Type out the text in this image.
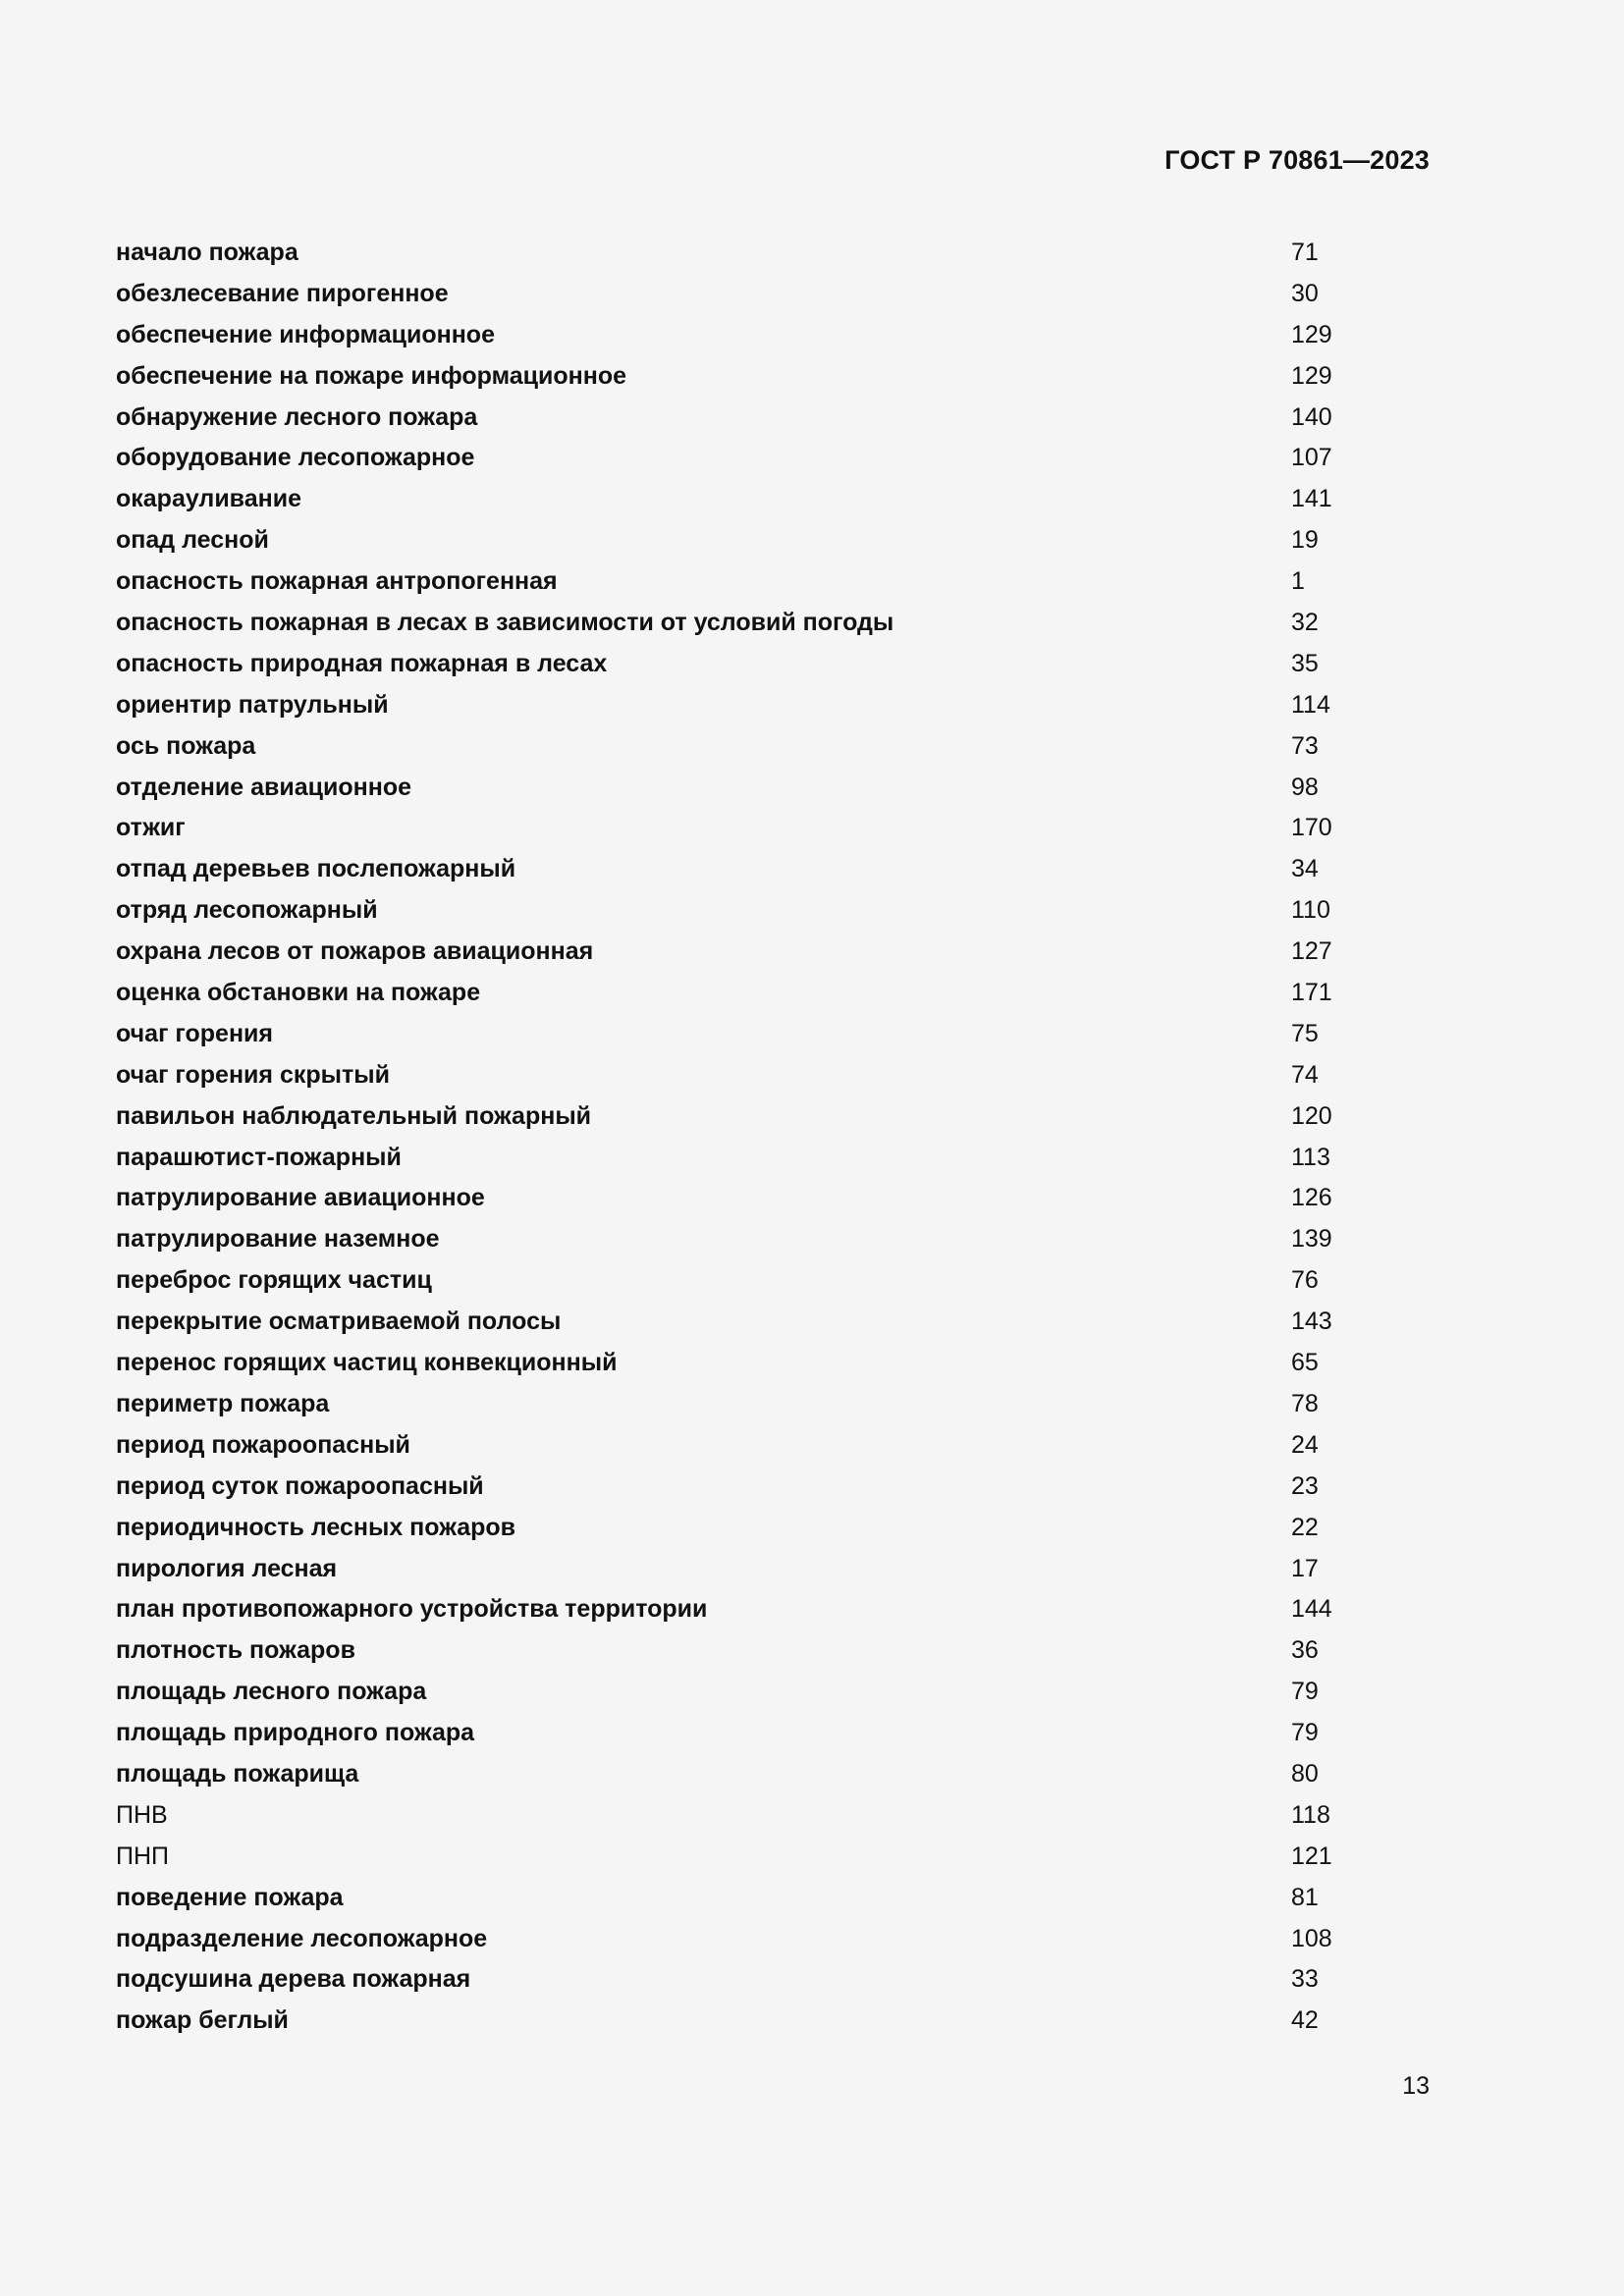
ГОСТ Р 70861—2023
начало пожара	71
обезлесевание пирогенное	30
обеспечение информационное	129
обеспечение на пожаре информационное	129
обнаружение лесного пожара	140
оборудование лесопожарное	107
окарауливание	141
опад лесной	19
опасность пожарная антропогенная	1
опасность пожарная в лесах в зависимости от условий погоды	32
опасность природная пожарная в лесах	35
ориентир патрульный	114
ось пожара	73
отделение авиационное	98
отжиг	170
отпад деревьев послепожарный	34
отряд лесопожарный	110
охрана лесов от пожаров авиационная	127
оценка обстановки на пожаре	171
очаг горения	75
очаг горения скрытый	74
павильон наблюдательный пожарный	120
парашютист-пожарный	113
патрулирование авиационное	126
патрулирование наземное	139
переброс горящих частиц	76
перекрытие осматриваемой полосы	143
перенос горящих частиц конвекционный	65
периметр пожара	78
период пожароопасный	24
период суток пожароопасный	23
периодичность лесных пожаров	22
пирология лесная	17
план противопожарного устройства территории	144
плотность пожаров	36
площадь лесного пожара	79
площадь природного пожара	79
площадь пожарища	80
ПНВ	118
ПНП	121
поведение пожара	81
подразделение лесопожарное	108
подсушина дерева пожарная	33
пожар беглый	42
13
